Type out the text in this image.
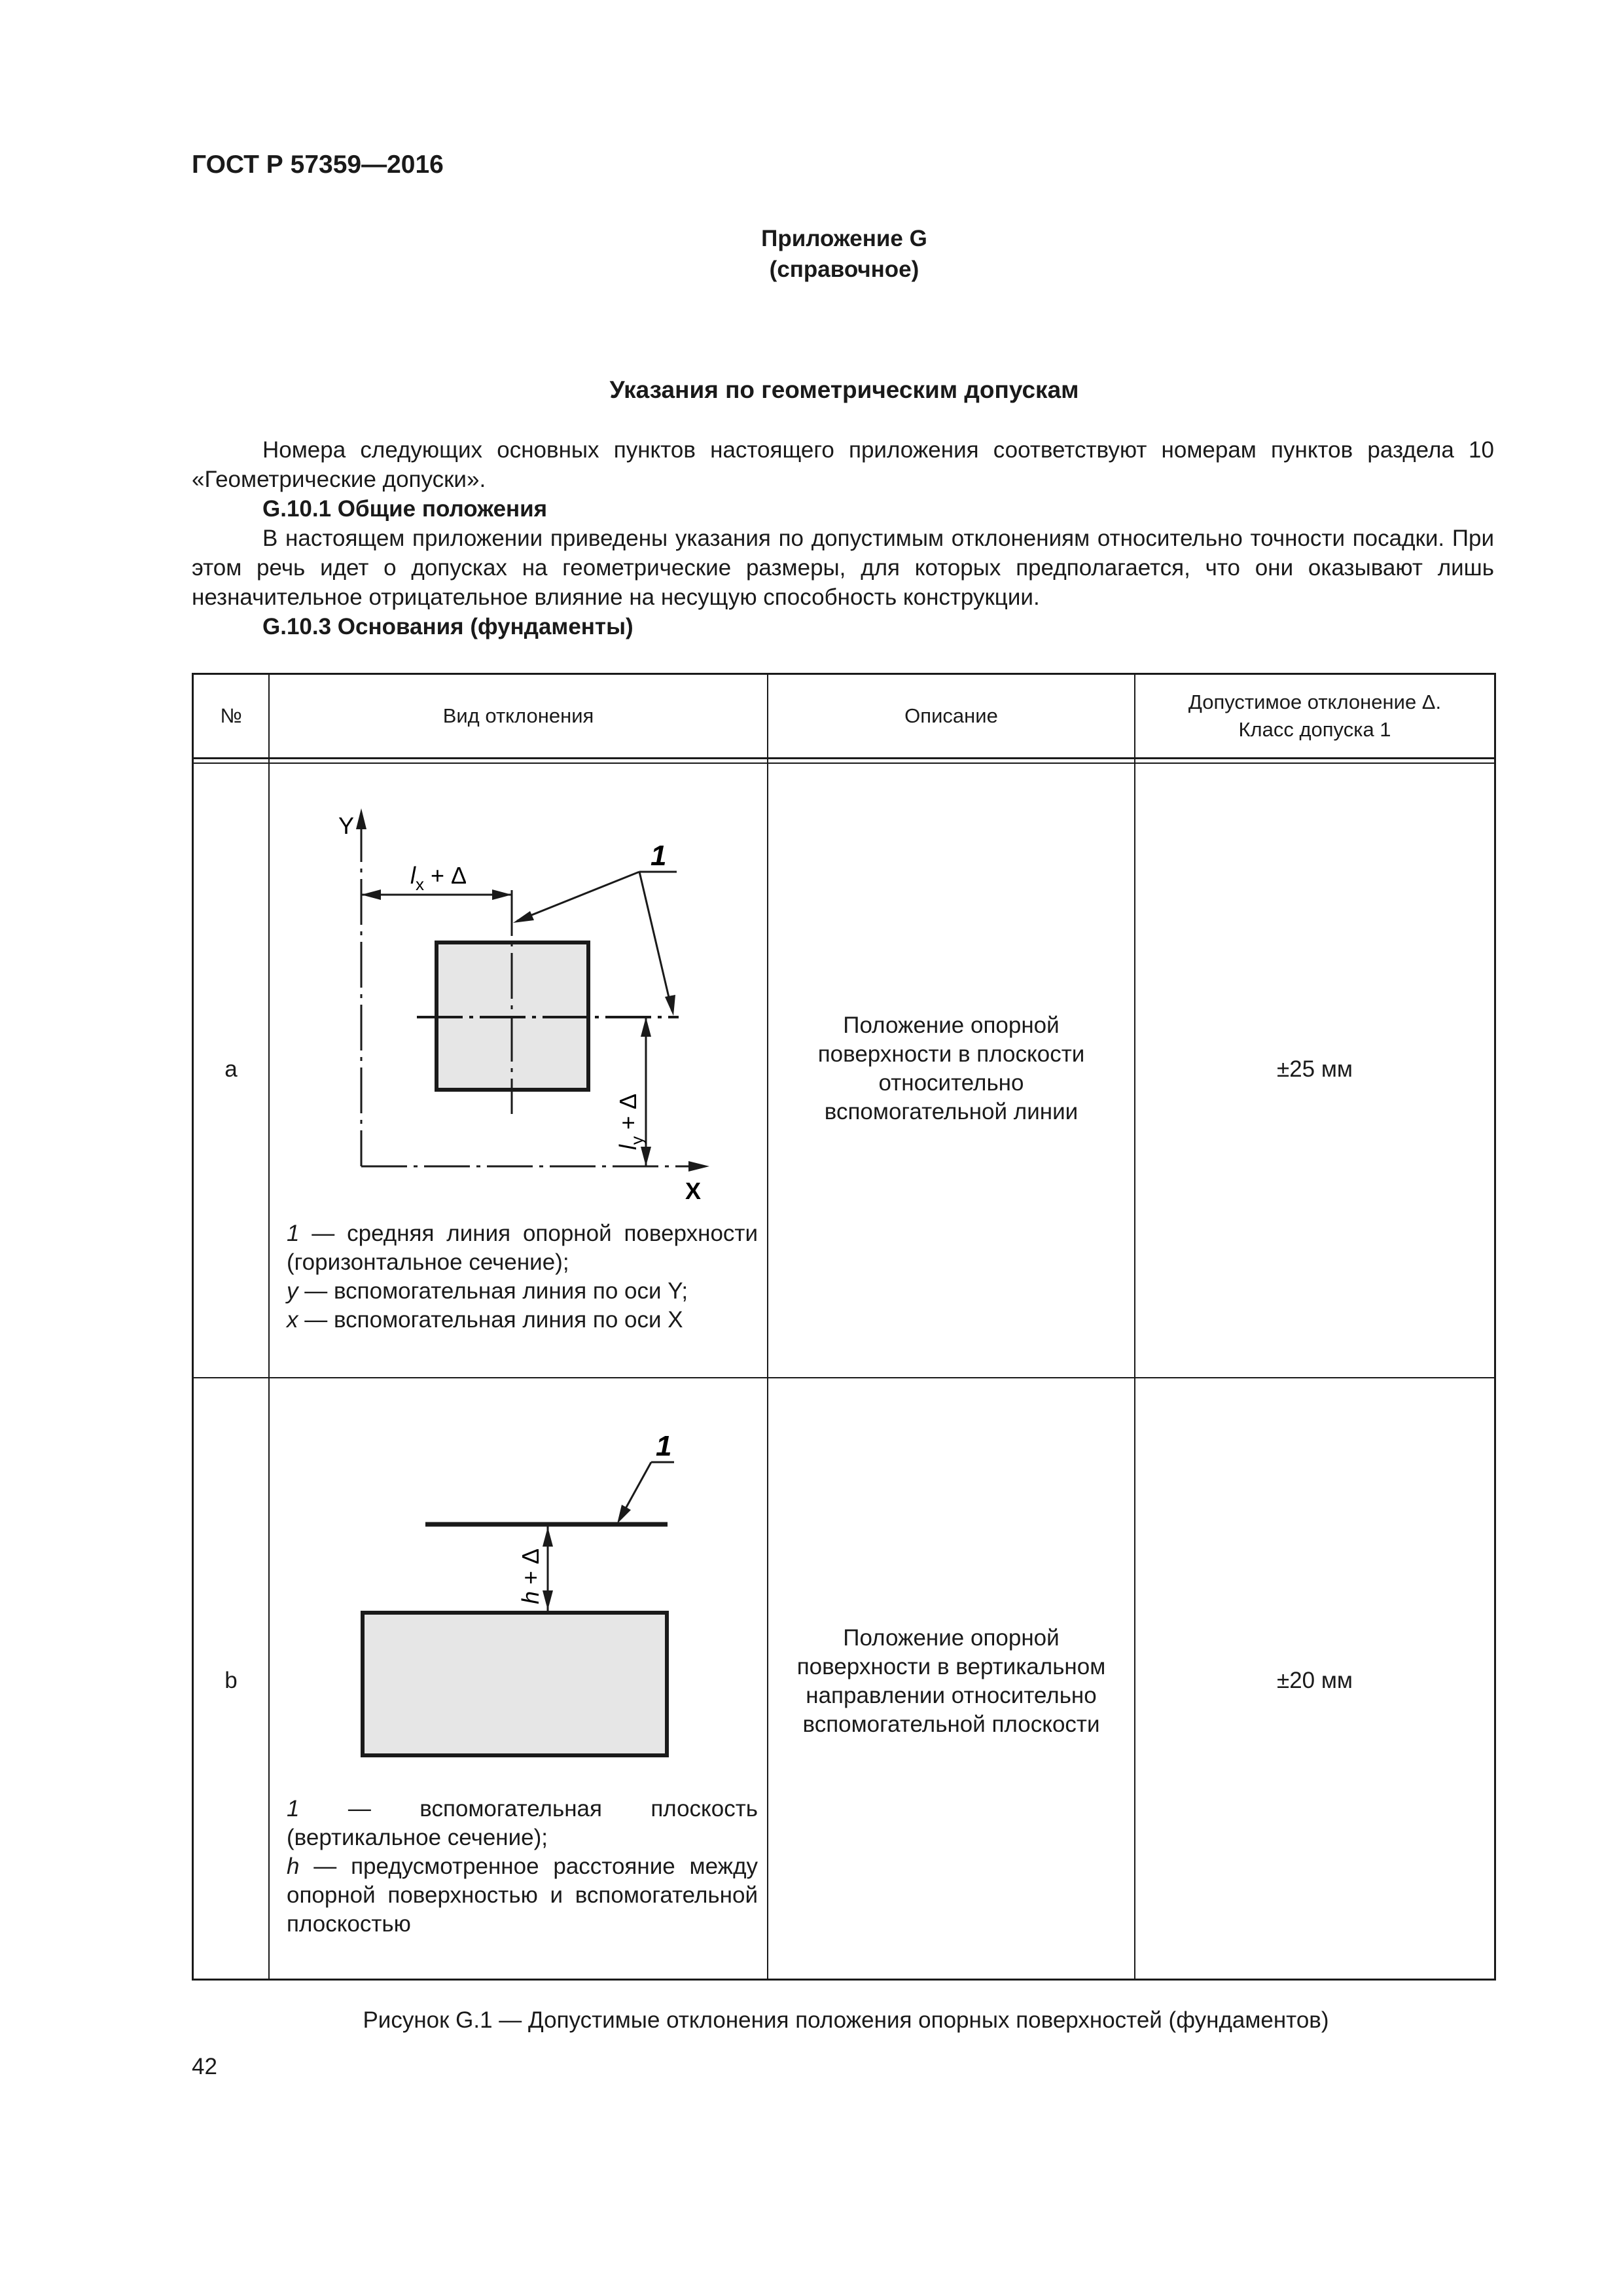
ГОСТ Р 57359—2016
Приложение G
(справочное)
Указания по геометрическим допускам
Номера следующих основных пунктов настоящего приложения соответствуют номерам пунктов раздела 10 «Геометрические допуски».
G.10.1 Общие положения
В настоящем приложении приведены указания по допустимым отклонениям относительно точности посадки. При этом речь идет о допусках на геометрические размеры, для которых предполагается, что они оказывают лишь незначительное отрицательное влияние на несущую способность конструкции.
G.10.3 Основания (фундаменты)
№	Вид отклонения	Описание
Допустимое отклонение Δ.
Класс допуска 1
a
Y
X
$l_x + \Delta$
$l_y + \Delta$
1
1 — средняя линия опорной поверхности (горизонтальное сечение);
y — вспомогательная линия по оси Y;
x — вспомогательная линия по оси X
Положение опорной поверхности в плоскости относительно вспомогательной линии
±25 мм
b
h + Δ
1
1 — вспомогательная плоскость (вертикальное сечение);
h — предусмотренное расстояние между опорной поверхностью и вспомогательной плоскостью
Положение опорной поверхности в вертикальном направлении относительно вспомогательной плоскости
±20 мм
Рисунок G.1 — Допустимые отклонения положения опорных поверхностей (фундаментов)
42
